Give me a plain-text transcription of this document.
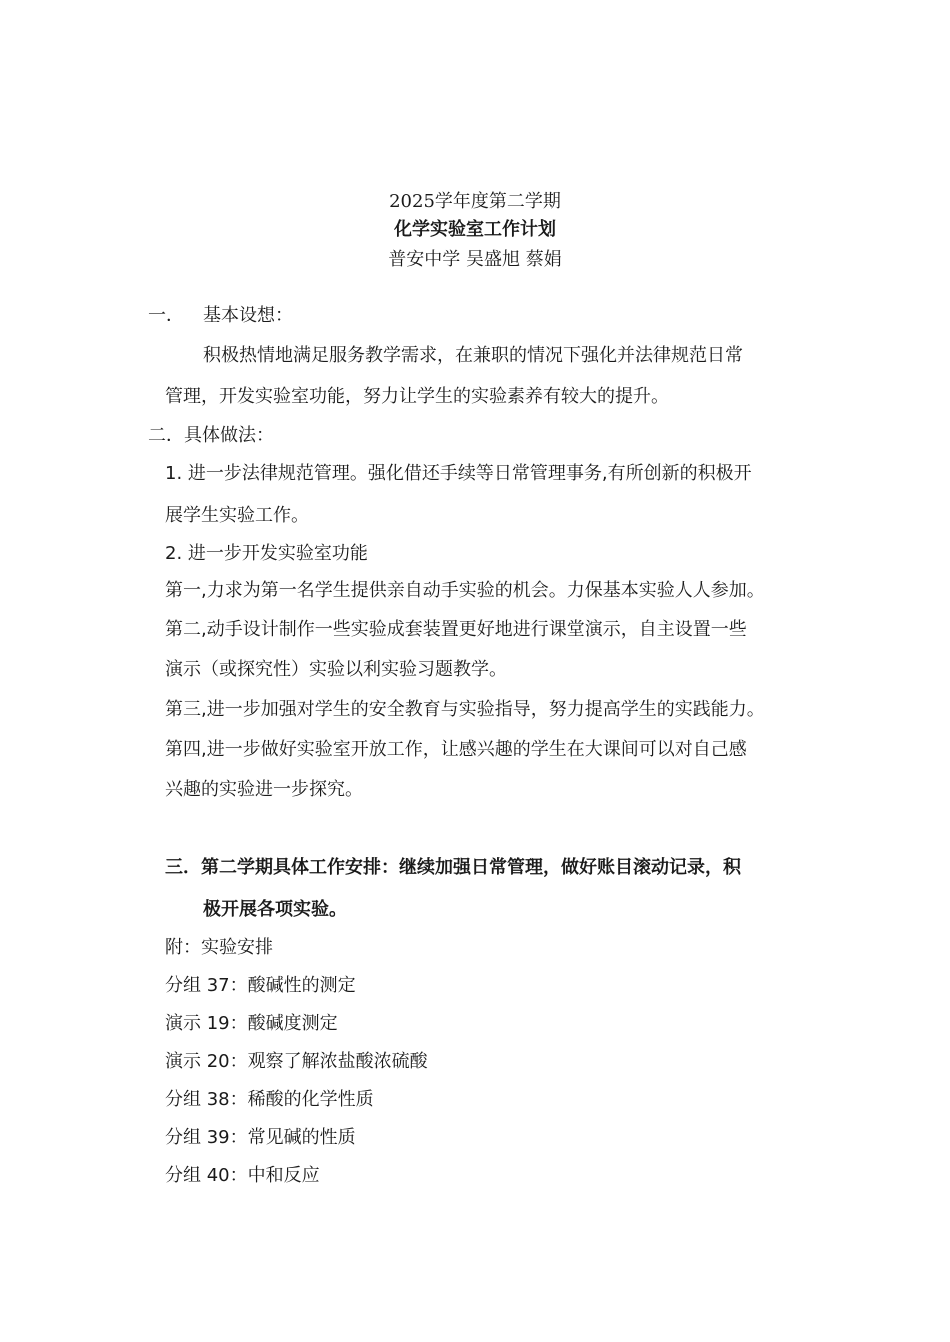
2025学年度第二学期
化学实验室工作计划
普安中学 吴盛旭 蔡娟
一． 基本设想：
积极热情地满足服务教学需求，在兼职的情况下强化并法律规范日常
管理，开发实验室功能，努力让学生的实验素养有较大的提升。
二．具体做法：
1. 进一步法律规范管理。强化借还手续等日常管理事务,有所创新的积极开
展学生实验工作。
2. 进一步开发实验室功能
第一,力求为第一名学生提供亲自动手实验的机会。力保基本实验人人参加。
第二,动手设计制作一些实验成套装置更好地进行课堂演示，自主设置一些
演示（或探究性）实验以利实验习题教学。
第三,进一步加强对学生的安全教育与实验指导，努力提高学生的实践能力。
第四,进一步做好实验室开放工作，让感兴趣的学生在大课间可以对自己感
兴趣的实验进一步探究。
三．第二学期具体工作安排：继续加强日常管理，做好账目滚动记录，积
极开展各项实验。
附：实验安排
分组 37：酸碱性的测定
演示 19：酸碱度测定
演示 20：观察了解浓盐酸浓硫酸
分组 38：稀酸的化学性质
分组 39：常见碱的性质
分组 40：中和反应
